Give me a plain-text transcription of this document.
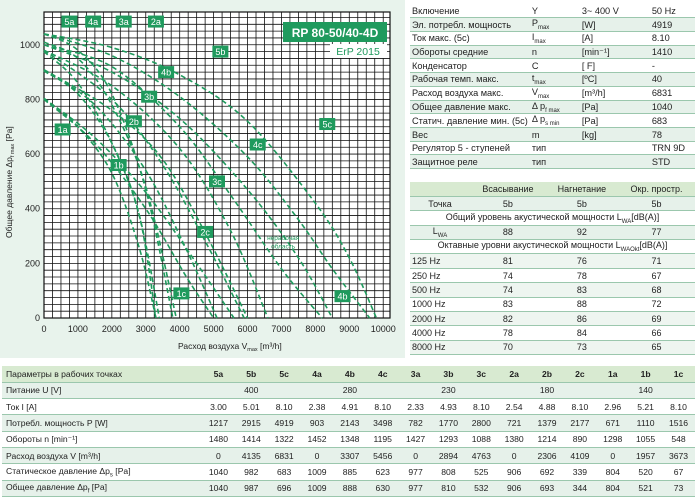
5a 4a 3a 2a
5b
4b
3b
2b
1b
1a
5c
4c
3c
2c
1c	4b
нерабочая
область
RP 80-50/40-4D
ErP 2015
0 1000 2000 3000 4000 5000 6000 7000 8000 9000 10000
0
200
400
600
800
1000
Расход воздуха $V_{max}$ [m³/h]
Общее давление $\Delta p_{f max}$ [Pa]
Включение	Y	3~ 400 V	50 Hz
Эл. потребл. мощность	$P_{max}$	[W]	4919
Ток макс. (5c)	$I_{max}$	[A]	8.10
Обороты средние	n	[min⁻¹]	1410
Конденсатор	C	[ F]	-
Рабочая темп. макс.	$t_{max}$	[ºC]	40
Расход воздуха макс.	$V_{max}$	[m³/h]	6831
Общее давление макс.	Δ $p_{f max}$	[Pa]	1040
Статич. давление мин. (5c)	Δ $p_{s min}$	[Pa]	683
Вес	m	[kg]	78
Регулятор 5 - ступеней	тип		TRN 9D
Защитное реле	тип		STD
	Всасывание	Нагнетание	Окр. простр.
Точка	5b	5b	5b
Общий уровень акустической мощности $L_{WA}[dB(A)]$			
$L_{WA}$	88	92	77
Октавные уровни акустической мощности $L_{WAOkt}[dB(A)]$			
125 Hz	81	76	71
250 Hz	74	78	67
500 Hz	74	83	68
1000 Hz	83	88	72
2000 Hz	82	86	69
4000 Hz	78	84	66
8000 Hz	70	73	65
Параметры в рабочих точках	5a	5b	5c	4a	4b	4c	3a	3b	3c	2a	2b	2c	1a	1b	1c
Питание U [V]	400			280			230			180			140		
Ток I [A]	3.00	5.01	8.10	2.38	4.91	8.10	2.33	4.93	8.10	2.54	4.88	8.10	2.96	5.21	8.10
Потребл. мощность P [W]	1217	2915	4919	903	2143	3498	782	1770	2800	721	1379	2177	671	1110	1516
Обороты n [min⁻¹]	1480	1414	1322	1452	1348	1195	1427	1293	1088	1380	1214	890	1298	1055	548
Расход воздуха V [m³/h]	0	4135	6831	0	3307	5456	0	2894	4763	0	2306	4109	0	1957	3673
Статическое давление $\Delta p_s$ [Pa]	1040	982	683	1009	885	623	977	808	525	906	692	339	804	520	67
Общее давление $\Delta p_f$ [Pa]	1040	987	696	1009	888	630	977	810	532	906	693	344	804	521	73
